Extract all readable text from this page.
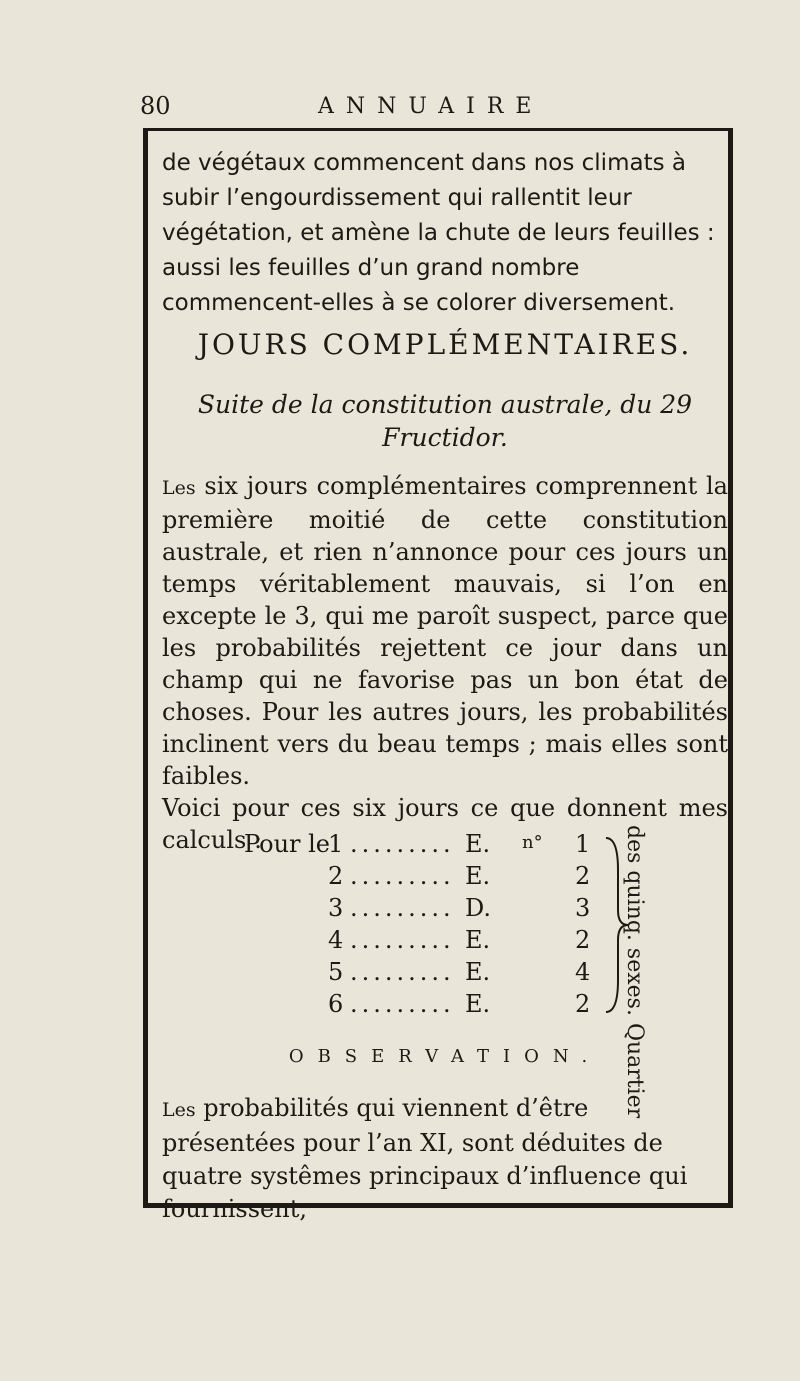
80	ANNUAIRE
de végétaux commencent dans nos climats à subir l’engourdissement qui rallentit leur végétation, et amène la chute de leurs feuilles : aussi les feuilles d’un grand nombre commencent-elles à se colorer diversement.
JOURS COMPLÉMENTAIRES.
Suite de la constitution australe, du 29 Fructidor.
Les six jours complémentaires comprennent la première moitié de cette constitution australe, et rien n’annonce pour ces jours un temps véritablement mauvais, si l’on en excepte le 3, qui me paroît suspect, parce que les probabilités rejettent ce jour dans un champ qui ne favorise pas un bon état de choses. Pour les autres jours, les probabilités inclinent vers du beau temps ; mais elles sont faibles.
Voici pour ces six jours ce que donnent mes calculs :
Pour le
1 ......... E. n° 1
2 ......... E.	2
3 ......... D.	3
4 ......... E.	2
5 ......... E.	4
6 ......... E.	2 des quinq. sexes. Quartier
OBSERVATION.
Les probabilités qui viennent d’être présentées pour l’an XI, sont déduites de quatre systêmes principaux d’influence qui fournissent,
